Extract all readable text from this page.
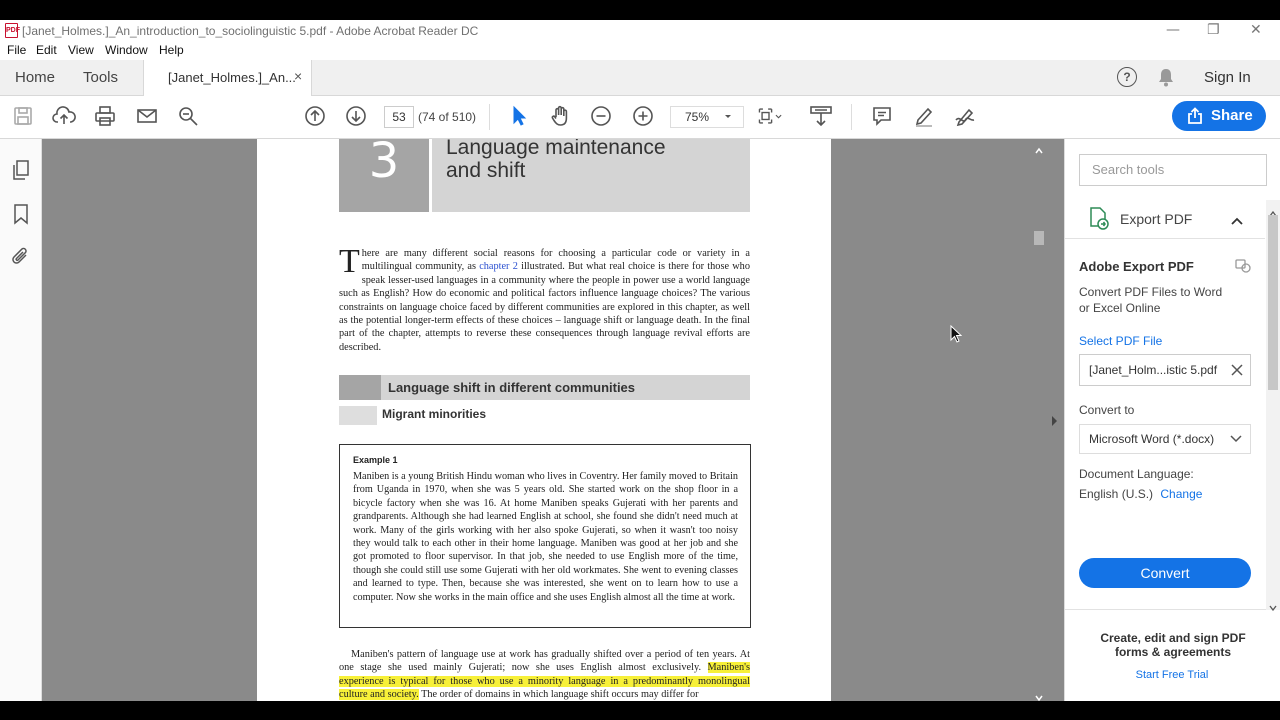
PDF [Janet_Holmes.]_An_introduction_to_sociolinguistic 5.pdf - Adobe Acrobat Reader DC	— ❐ ✕
File Edit View Window Help
Home Tools	[Janet_Holmes.]_An...
×	?	Sign In
53	(74 of 510)	75%	Share
3	Language maintenance
and shift
There are many different social reasons for choosing a particular code or variety in a multilingual community, as chapter 2 illustrated. But what real choice is there for those who speak lesser-used languages in a community where the people in power use a world language such as English? How do economic and political factors influence language choices? The various constraints on language choice faced by different communities are explored in this chapter, as well as the potential longer-term effects of these choices – language shift or language death. In the final part of the chapter, attempts to reverse these consequences through language revival efforts are described.
Language shift in different communities
Migrant minorities
Example 1
Maniben is a young British Hindu woman who lives in Coventry. Her family moved to Britain from Uganda in 1970, when she was 5 years old. She started work on the shop floor in a bicycle factory when she was 16. At home Maniben speaks Gujerati with her parents and grandparents. Although she had learned English at school, she found she didn't need much at work. Many of the girls working with her also spoke Gujerati, so when it wasn't too noisy they would talk to each other in their home language. Maniben was good at her job and she got promoted to floor supervisor. In that job, she needed to use English more of the time, though she could still use some Gujerati with her old workmates. She went to evening classes and learned to type. Then, because she was interested, she went on to learn how to use a computer. Now she works in the main office and she uses English almost all the time at work.
Maniben's pattern of language use at work has gradually shifted over a period of ten years. At one stage she used mainly Gujerati; now she uses English almost exclusively. Maniben's experience is typical for those who use a minority language in a predominantly monolingual culture and society. The order of domains in which language shift occurs may differ for
Search tools
Export PDF
Adobe Export PDF
Convert PDF Files to Word or Excel Online
Select PDF File
[Janet_Holm...istic 5.pdf
Convert to
Microsoft Word (*.docx)
Document Language:
English (U.S.) Change
Convert
Create, edit and sign PDF forms & agreements
Start Free Trial
